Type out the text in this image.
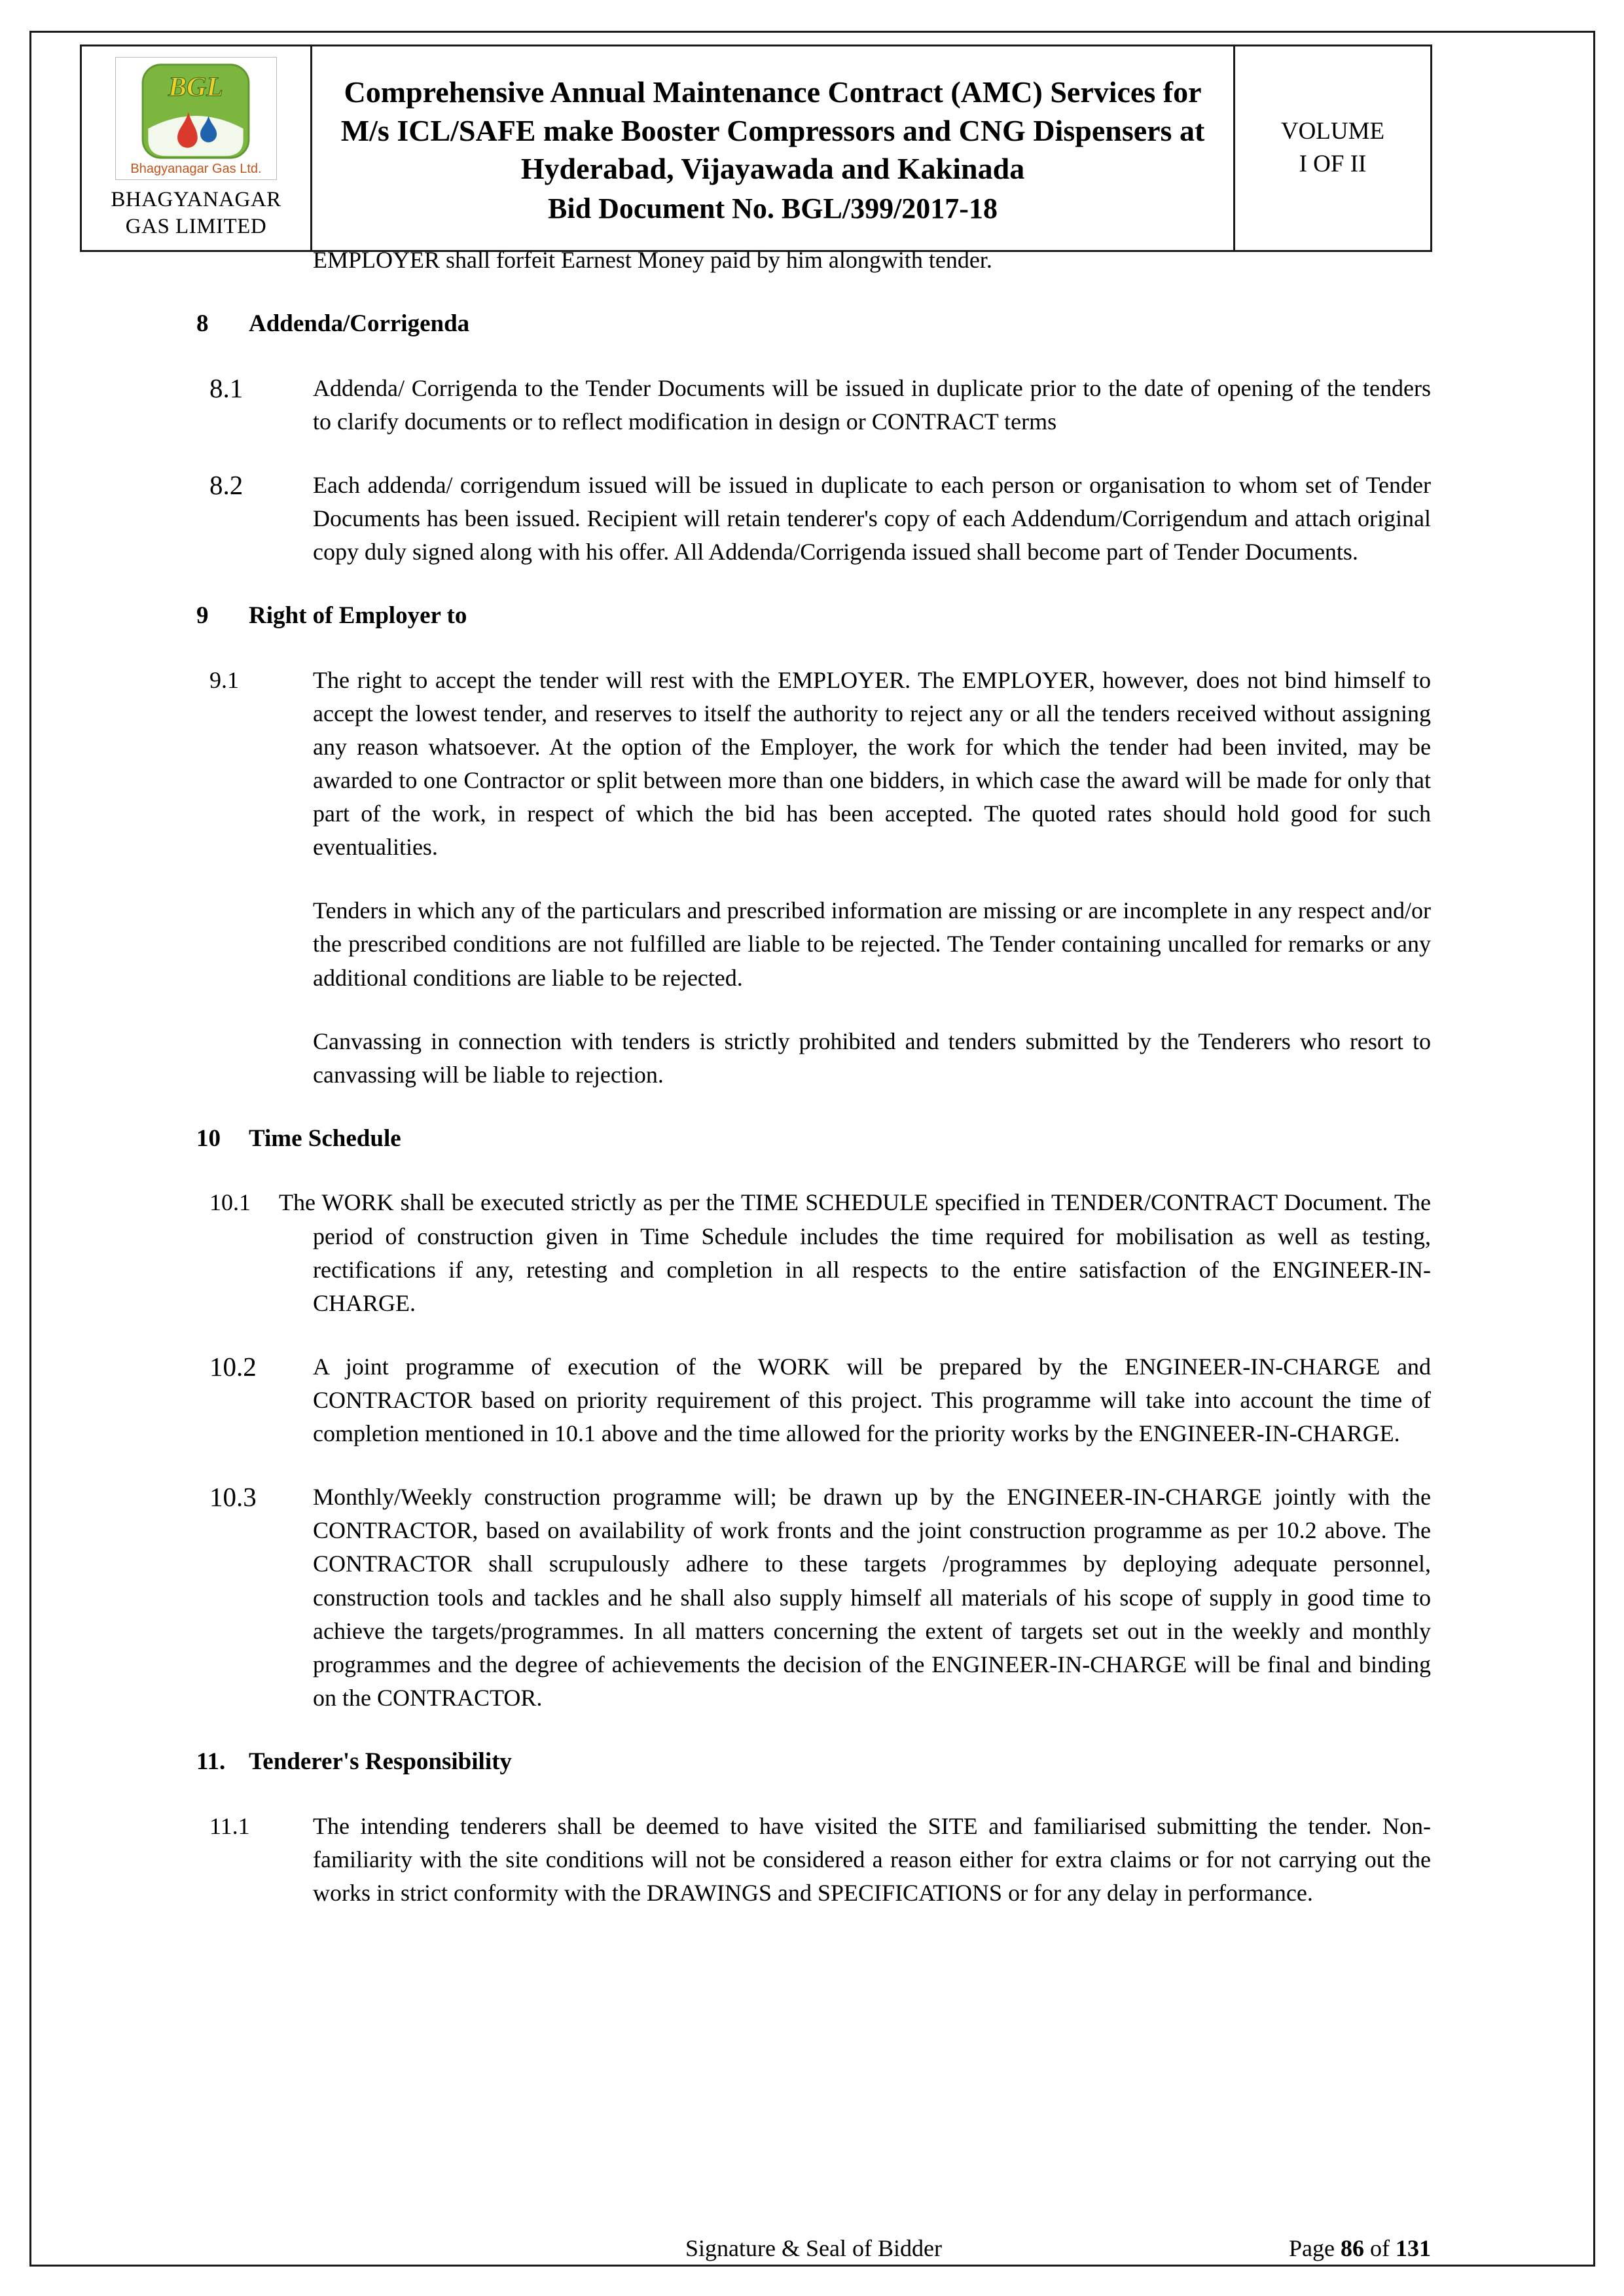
BGL
Bhagyanagar Gas Ltd.
BHAGYANAGAR
GAS LIMITED
Comprehensive Annual Maintenance Contract (AMC) Services for M/s ICL/SAFE make Booster Compressors and CNG Dispensers at Hyderabad, Vijayawada and Kakinada
Bid Document No. BGL/399/2017-18
VOLUME
I OF II
EMPLOYER shall forfeit Earnest Money paid by him alongwith tender.
8	Addenda/Corrigenda
8.1	Addenda/ Corrigenda to the Tender Documents will be issued in duplicate prior to the date of opening of the tenders to clarify documents or to reflect modification in design or CONTRACT terms
8.2	Each addenda/ corrigendum issued will be issued in duplicate to each person or organisation to whom set of Tender Documents has been issued. Recipient will retain tenderer's copy of each Addendum/Corrigendum and attach original copy duly signed along with his offer. All Addenda/Corrigenda issued shall become part of Tender Documents.
9	Right of Employer to
9.1	The right to accept the tender will rest with the EMPLOYER. The EMPLOYER, however, does not bind himself to accept the lowest tender, and reserves to itself the authority to reject any or all the tenders received without assigning any reason whatsoever. At the option of the Employer, the work for which the tender had been invited, may be awarded to one Contractor or split between more than one bidders, in which case the award will be made for only that part of the work, in respect of which the bid has been accepted. The quoted rates should hold good for such eventualities.
Tenders in which any of the particulars and prescribed information are missing or are incomplete in any respect and/or the prescribed conditions are not fulfilled are liable to be rejected. The Tender containing uncalled for remarks or any additional conditions are liable to be rejected.
Canvassing in connection with tenders is strictly prohibited and tenders submitted by the Tenderers who resort to canvassing will be liable to rejection.
10	Time Schedule
10.1 The WORK shall be executed strictly as per the TIME SCHEDULE specified in TENDER/CONTRACT Document. The period of construction given in Time Schedule includes the time required for mobilisation as well as testing, rectifications if any, retesting and completion in all respects to the entire satisfaction of the ENGINEER-IN- CHARGE.
10.2	A joint programme of execution of the WORK will be prepared by the ENGINEER-IN-CHARGE and CONTRACTOR based on priority requirement of this project. This programme will take into account the time of completion mentioned in 10.1 above and the time allowed for the priority works by the ENGINEER-IN-CHARGE.
10.3	Monthly/Weekly construction programme will; be drawn up by the ENGINEER-IN-CHARGE jointly with the CONTRACTOR, based on availability of work fronts and the joint construction programme as per 10.2 above. The CONTRACTOR shall scrupulously adhere to these targets /programmes by deploying adequate personnel, construction tools and tackles and he shall also supply himself all materials of his scope of supply in good time to achieve the targets/programmes. In all matters concerning the extent of targets set out in the weekly and monthly programmes and the degree of achievements the decision of the ENGINEER-IN-CHARGE will be final and binding on the CONTRACTOR.
11. Tenderer's Responsibility
11.1	The intending tenderers shall be deemed to have visited the SITE and familiarised submitting the tender. Non-familiarity with the site conditions will not be considered a reason either for extra claims or for not carrying out the works in strict conformity with the DRAWINGS and SPECIFICATIONS or for any delay in performance.
Signature & Seal of Bidder	Page 86 of 131
